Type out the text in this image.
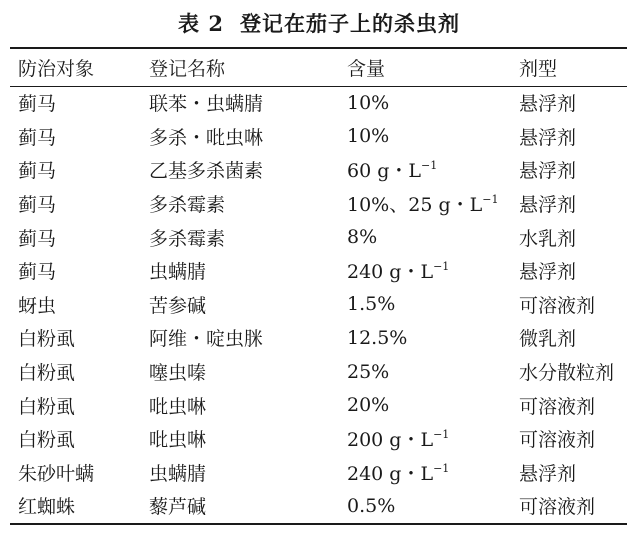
表 2 登记在茄子上的杀虫剂
防治对象	登记名称	含量	剂型
蓟马	联苯・虫螨腈	10%	悬浮剂
蓟马	多杀・吡虫啉	10%	悬浮剂
蓟马	乙基多杀菌素	60 g・$L^{-1}$	悬浮剂
蓟马	多杀霉素	10%、25 g・$L^{-1}$	悬浮剂
蓟马	多杀霉素	8%	水乳剂
蓟马	虫螨腈	240 g・$L^{-1}$	悬浮剂
蚜虫	苦参碱	1.5%	可溶液剂
白粉虱	阿维・啶虫脒	12.5%	微乳剂
白粉虱	噻虫嗪	25%	水分散粒剂
白粉虱	吡虫啉	20%	可溶液剂
白粉虱	吡虫啉	200 g・$L^{-1}$	可溶液剂
朱砂叶螨	虫螨腈	240 g・$L^{-1}$	悬浮剂
红蜘蛛	藜芦碱	0.5%	可溶液剂
